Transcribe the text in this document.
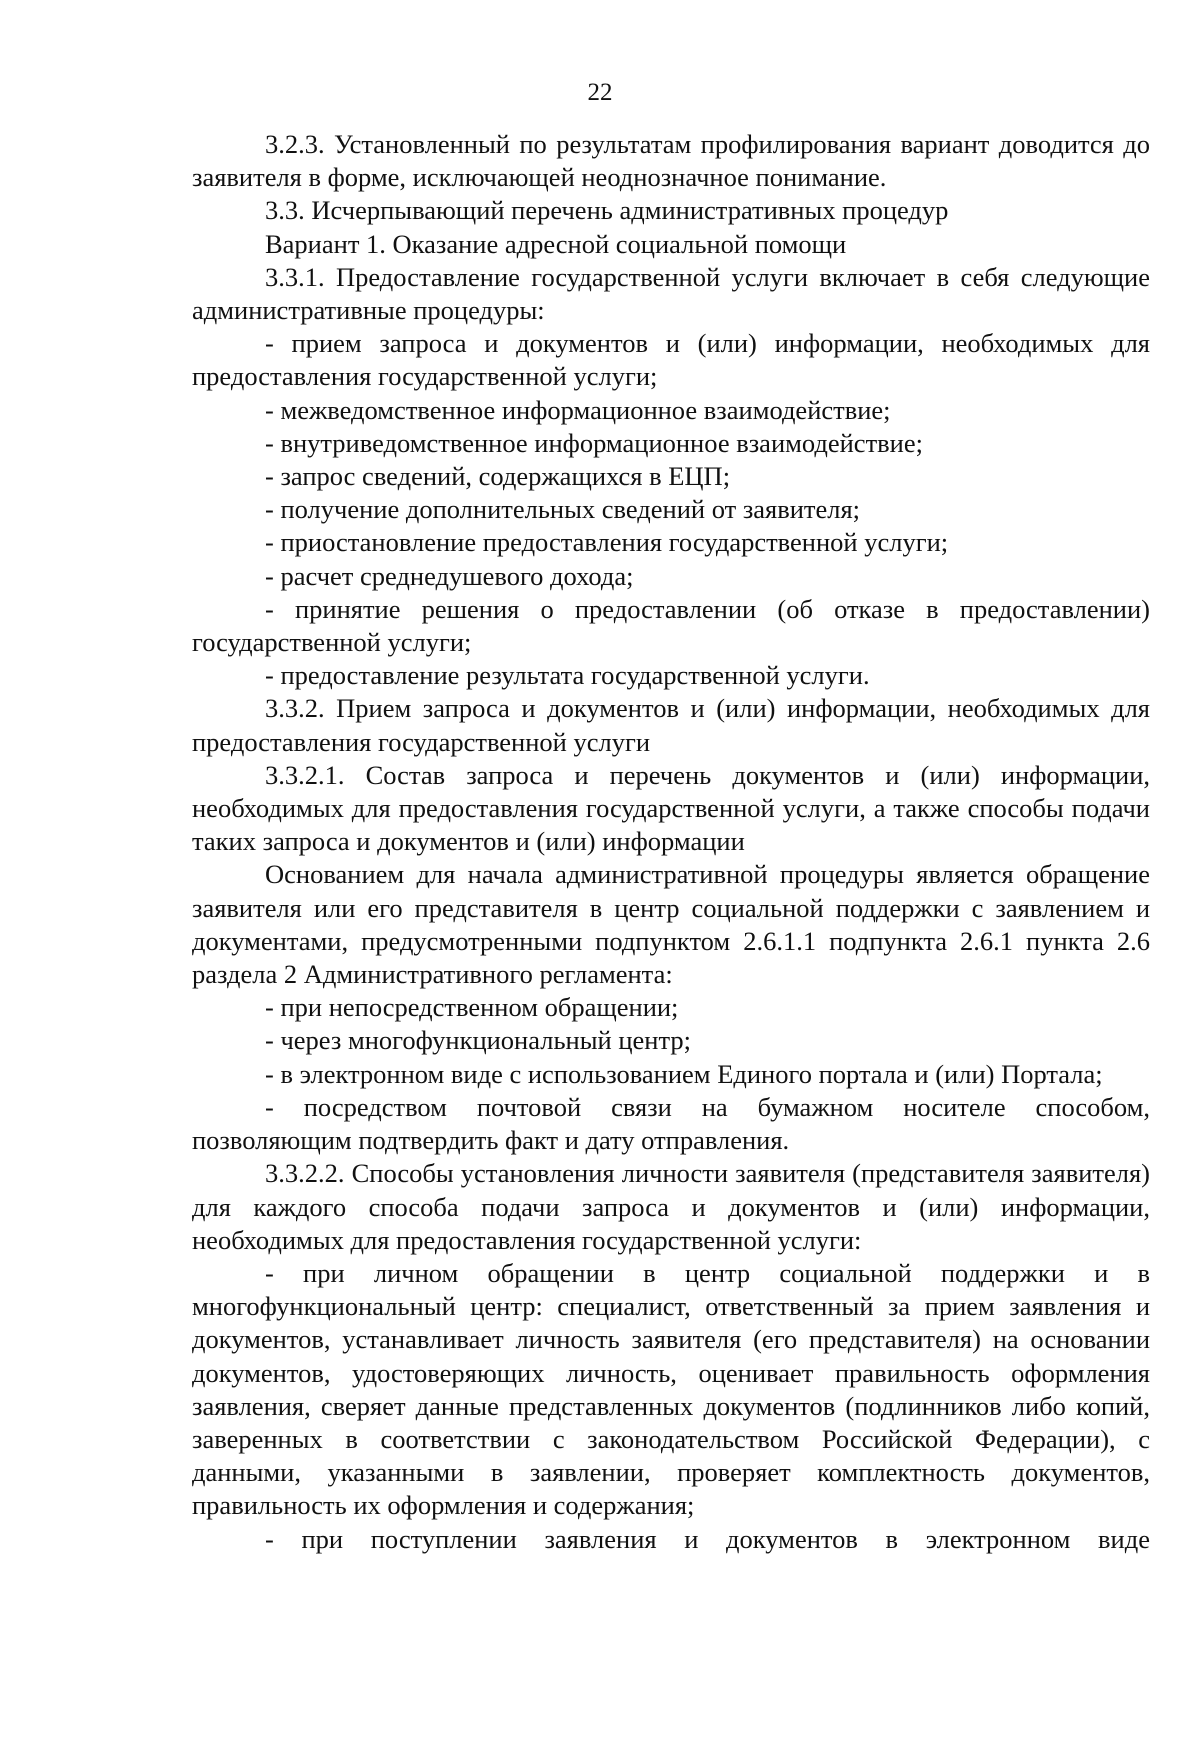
22

3.2.3. Установленный по результатам профилирования вариант доводится до заявителя в форме, исключающей неоднозначное понимание.

3.3. Исчерпывающий перечень административных процедур

Вариант 1. Оказание адресной социальной помощи

3.3.1. Предоставление государственной услуги включает в себя следующие административные процедуры:

- прием запроса и документов и (или) информации, необходимых для предоставления государственной услуги;

- межведомственное информационное взаимодействие;

- внутриведомственное информационное взаимодействие;

- запрос сведений, содержащихся в ЕЦП;

- получение дополнительных сведений от заявителя;

- приостановление предоставления государственной услуги;

- расчет среднедушевого дохода;

- принятие решения о предоставлении (об отказе в предоставлении) государственной услуги;

- предоставление результата государственной услуги.

3.3.2. Прием запроса и документов и (или) информации, необходимых для предоставления государственной услуги

3.3.2.1. Состав запроса и перечень документов и (или) информации, необходимых для предоставления государственной услуги, а также способы подачи таких запроса и документов и (или) информации

Основанием для начала административной процедуры является обращение заявителя или его представителя в центр социальной поддержки с заявлением и документами, предусмотренными подпунктом 2.6.1.1 подпункта 2.6.1 пункта 2.6 раздела 2 Административного регламента:

- при непосредственном обращении;

- через многофункциональный центр;

- в электронном виде с использованием Единого портала и (или) Портала;

- посредством почтовой связи на бумажном носителе способом, позволяющим подтвердить факт и дату отправления.

3.3.2.2. Способы установления личности заявителя (представителя заявителя) для каждого способа подачи запроса и документов и (или) информации, необходимых для предоставления государственной услуги:

- при личном обращении в центр социальной поддержки и в многофункциональный центр: специалист, ответственный за прием заявления и документов, устанавливает личность заявителя (его представителя) на основании документов, удостоверяющих личность, оценивает правильность оформления заявления, сверяет данные представленных документов (подлинников либо копий, заверенных в соответствии с законодательством Российской Федерации), с данными, указанными в заявлении, проверяет комплектность документов, правильность их оформления и содержания;

- при поступлении заявления и документов в электронном виде
